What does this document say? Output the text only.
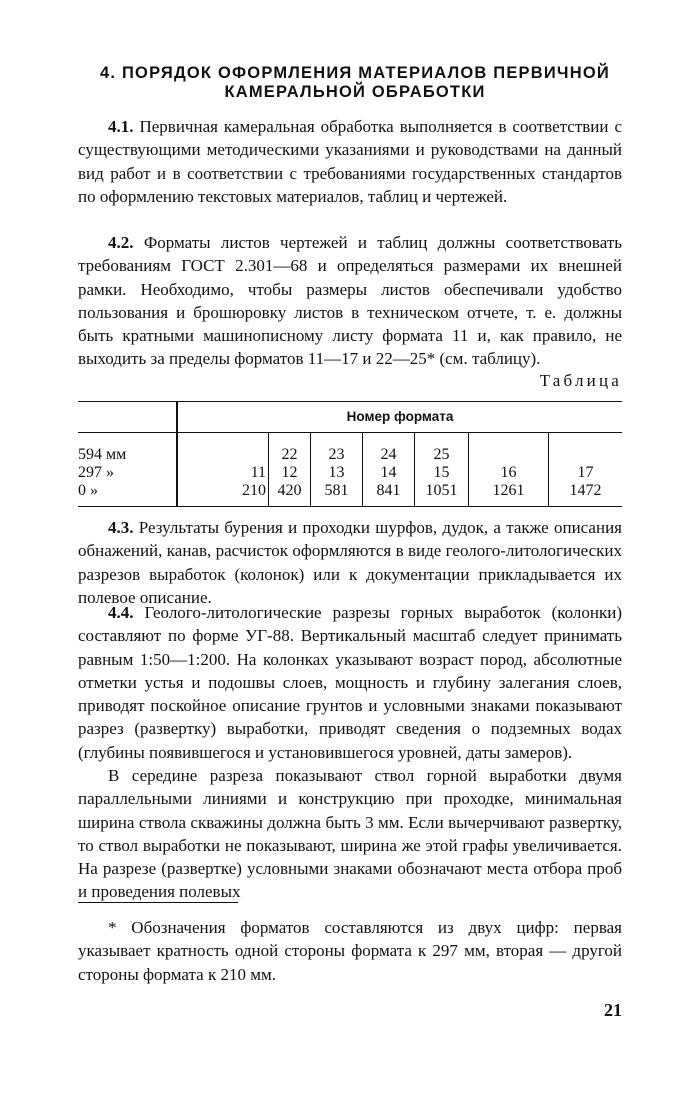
4. ПОРЯДОК ОФОРМЛЕНИЯ МАТЕРИАЛОВ ПЕРВИЧНОЙ
КАМЕРАЛЬНОЙ ОБРАБОТКИ
4.1. Первичная камеральная обработка выполняется в соответствии с существующими методическими указаниями и руководствами на данный вид работ и в соответствии с требованиями государственных стандартов по оформлению текстовых материалов, таблиц и чертежей.
4.2. Форматы листов чертежей и таблиц должны соответствовать требованиям ГОСТ 2.301—68 и определяться размерами их внешней рамки. Необходимо, чтобы размеры листов обеспечивали удобство пользования и брошюровку листов в техническом отчете, т. е. должны быть кратными машинописному листу формата 11 и, как правило, не выходить за пределы форматов 11—17 и 22—25* (см. таблицу).
Таблица
Номер формата
594 мм
297 »
0 »
11
210
22
12
420
23
13
581
24
14
841
25
15
1051
16
1261
17
1472
4.3. Результаты бурения и проходки шурфов, дудок, а также описания обнажений, канав, расчисток оформляются в виде геолого-литологических разрезов выработок (колонок) или к документации прикладывается их полевое описание.
4.4. Геолого-литологические разрезы горных выработок (колонки) составляют по форме УГ-88. Вертикальный масштаб следует принимать равным 1:50—1:200. На колонках указывают возраст пород, абсолютные отметки устья и подошвы слоев, мощность и глубину залегания слоев, приводят поскойное описание грунтов и условными знаками показывают разрез (развертку) выработки, приводят сведения о подземных водах (глубины появившегося и установившегося уровней, даты замеров).
В середине разреза показывают ствол горной выработки двумя параллельными линиями и конструкцию при проходке, минимальная ширина ствола скважины должна быть 3 мм. Если вычерчивают развертку, то ствол выработки не показывают, ширина же этой графы увеличивается. На разрезе (развертке) условными знаками обозначают места отбора проб и проведения полевых
* Обозначения форматов составляются из двух цифр: первая указывает кратность одной стороны формата к 297 мм, вторая — другой стороны формата к 210 мм.
21
